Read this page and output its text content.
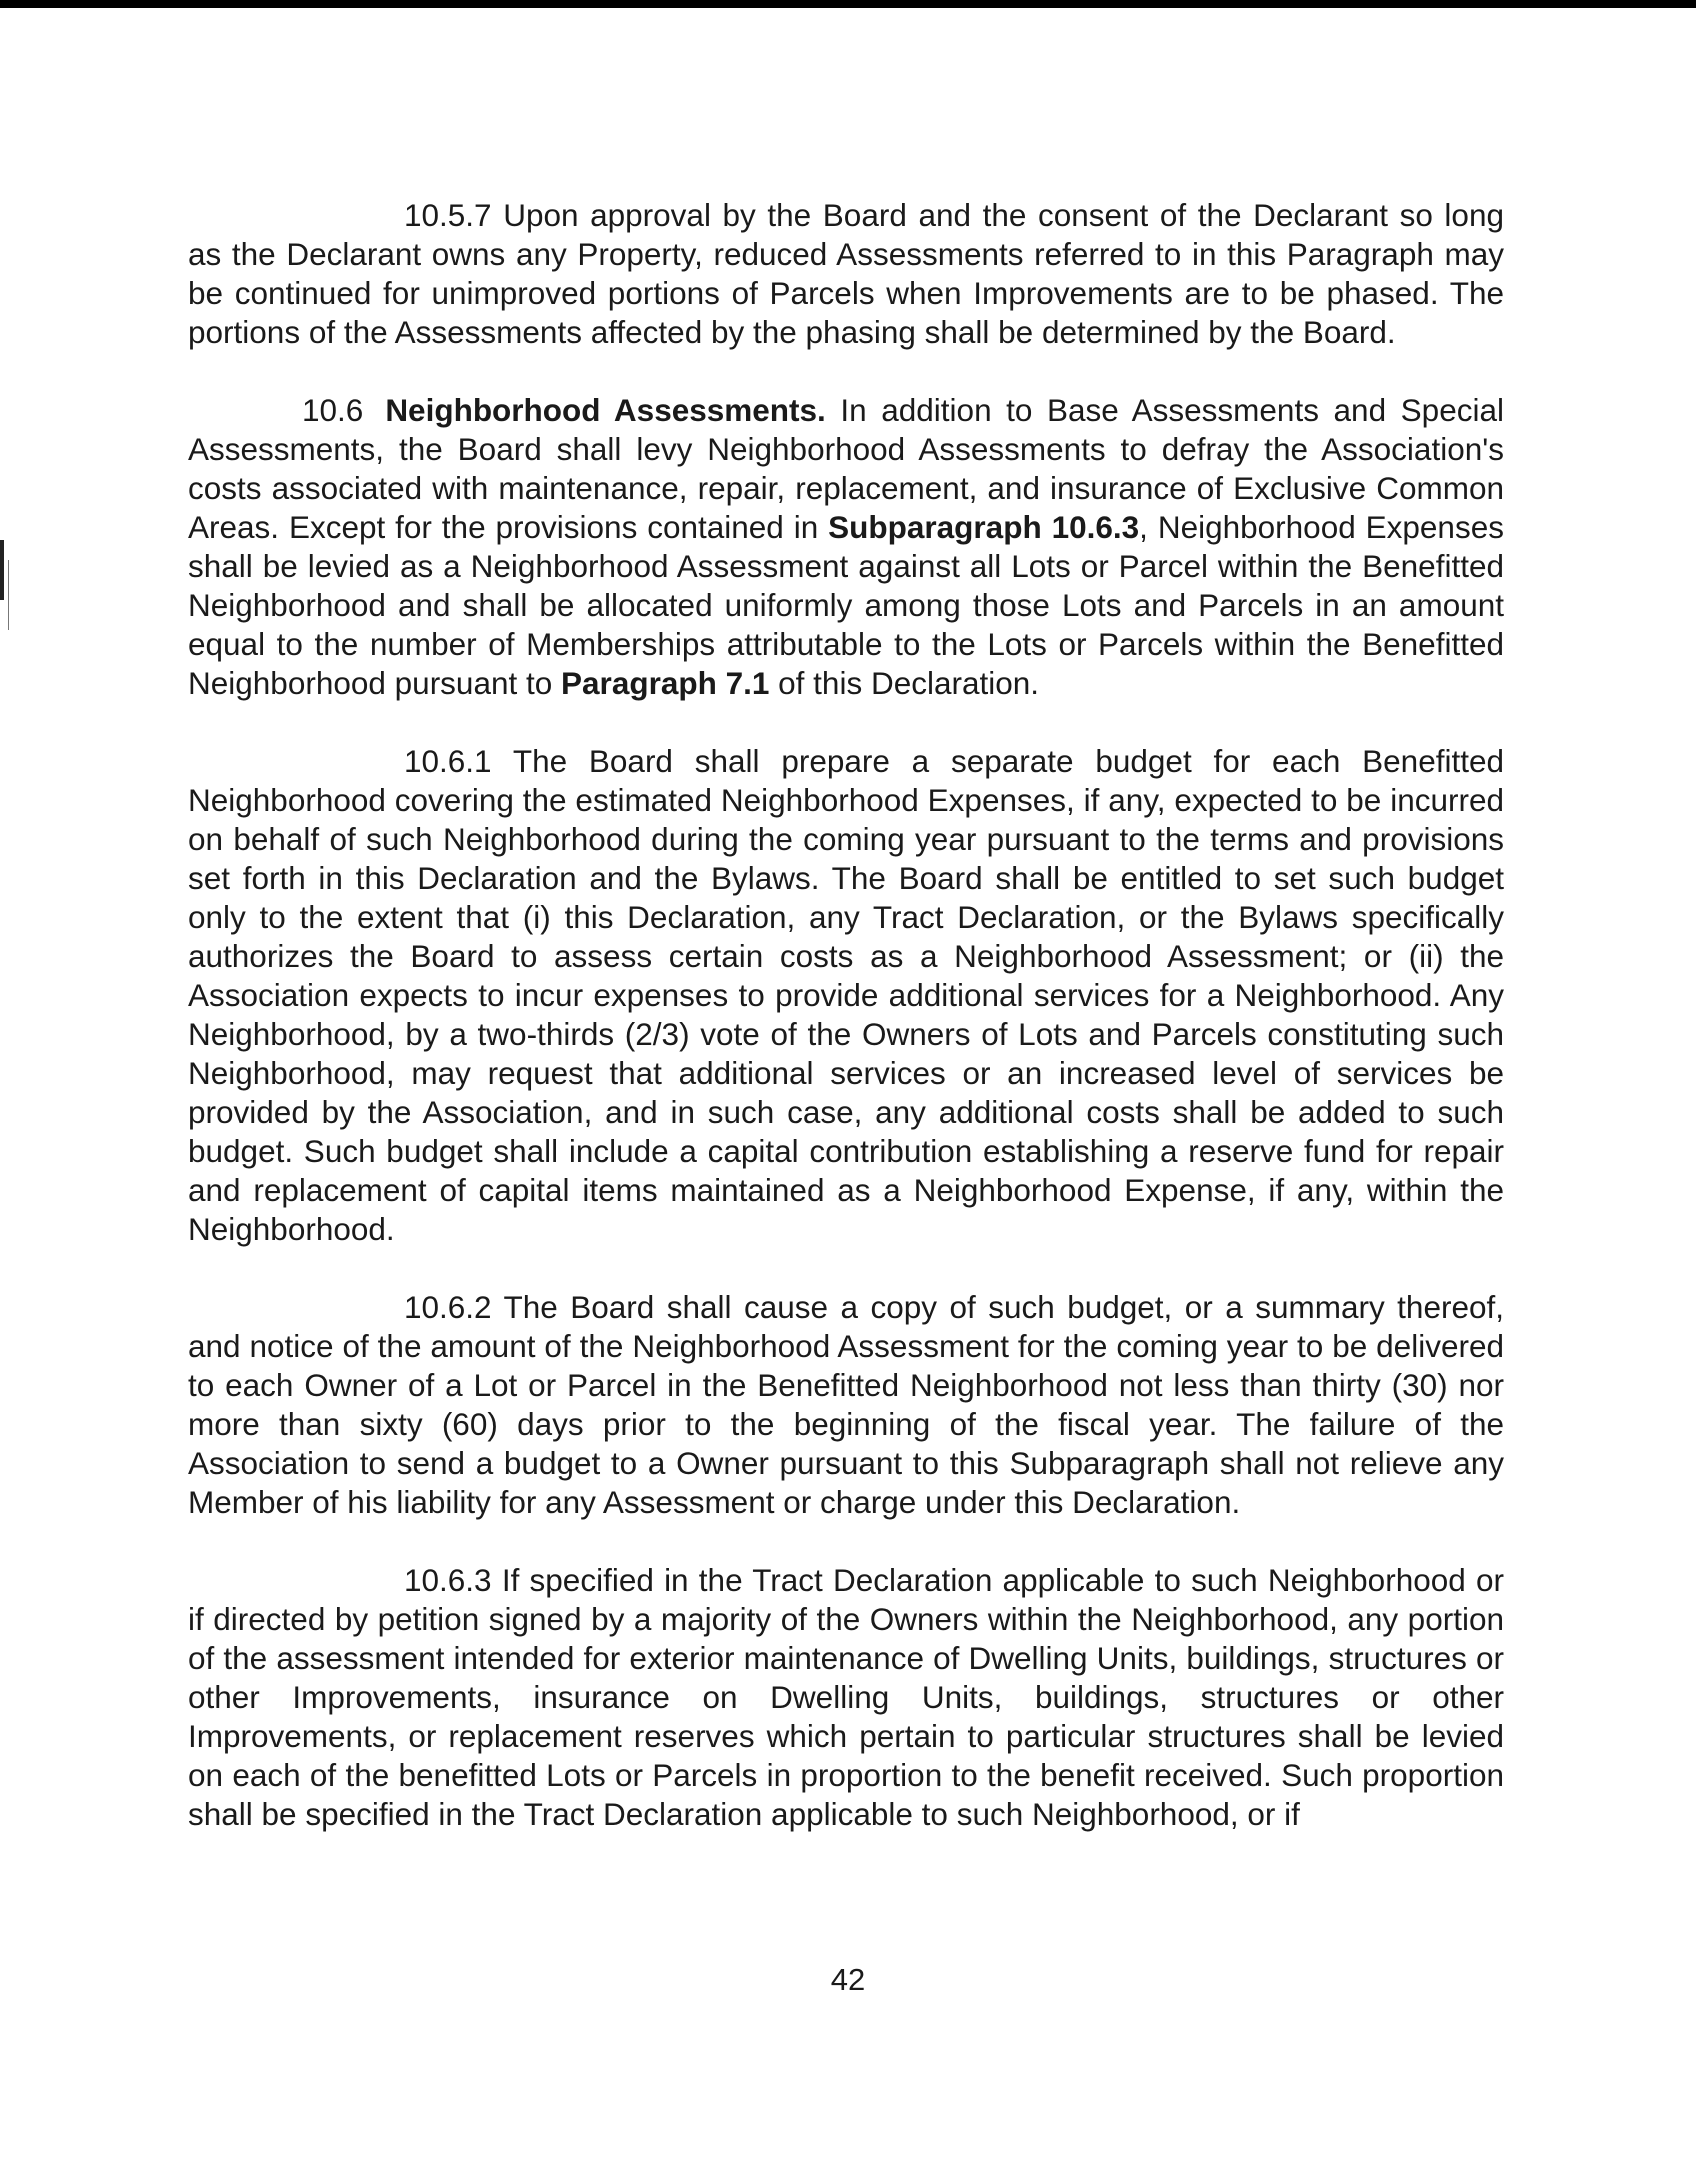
10.5.7 Upon approval by the Board and the consent of the Declarant so long as the Declarant owns any Property, reduced Assessments referred to in this Paragraph may be continued for unimproved portions of Parcels when Improvements are to be phased. The portions of the Assessments affected by the phasing shall be determined by the Board.

10.6 Neighborhood Assessments. In addition to Base Assessments and Special Assessments, the Board shall levy Neighborhood Assessments to defray the Association's costs associated with maintenance, repair, replacement, and insurance of Exclusive Common Areas. Except for the provisions contained in Subparagraph 10.6.3, Neighborhood Expenses shall be levied as a Neighborhood Assessment against all Lots or Parcel within the Benefitted Neighborhood and shall be allocated uniformly among those Lots and Parcels in an amount equal to the number of Memberships attributable to the Lots or Parcels within the Benefitted Neighborhood pursuant to Paragraph 7.1 of this Declaration.

10.6.1 The Board shall prepare a separate budget for each Benefitted Neighborhood covering the estimated Neighborhood Expenses, if any, expected to be incurred on behalf of such Neighborhood during the coming year pursuant to the terms and provisions set forth in this Declaration and the Bylaws. The Board shall be entitled to set such budget only to the extent that (i) this Declaration, any Tract Declaration, or the Bylaws specifically authorizes the Board to assess certain costs as a Neighborhood Assessment; or (ii) the Association expects to incur expenses to provide additional services for a Neighborhood. Any Neighborhood, by a two-thirds (2/3) vote of the Owners of Lots and Parcels constituting such Neighborhood, may request that additional services or an increased level of services be provided by the Association, and in such case, any additional costs shall be added to such budget. Such budget shall include a capital contribution establishing a reserve fund for repair and replacement of capital items maintained as a Neighborhood Expense, if any, within the Neighborhood.

10.6.2 The Board shall cause a copy of such budget, or a summary thereof, and notice of the amount of the Neighborhood Assessment for the coming year to be delivered to each Owner of a Lot or Parcel in the Benefitted Neighborhood not less than thirty (30) nor more than sixty (60) days prior to the beginning of the fiscal year. The failure of the Association to send a budget to a Owner pursuant to this Subparagraph shall not relieve any Member of his liability for any Assessment or charge under this Declaration.

10.6.3 If specified in the Tract Declaration applicable to such Neighborhood or if directed by petition signed by a majority of the Owners within the Neighborhood, any portion of the assessment intended for exterior maintenance of Dwelling Units, buildings, structures or other Improvements, insurance on Dwelling Units, buildings, structures or other Improvements, or replacement reserves which pertain to particular structures shall be levied on each of the benefitted Lots or Parcels in proportion to the benefit received. Such proportion shall be specified in the Tract Declaration applicable to such Neighborhood, or if

42
